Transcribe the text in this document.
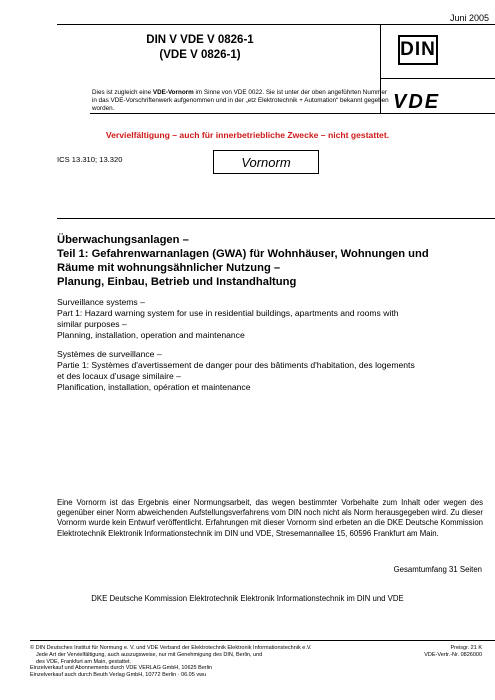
Juni 2005
DIN V VDE V 0826-1
(VDE V 0826-1)	DIN
Dies ist zugleich eine VDE-Vornorm im Sinne von VDE 0022. Sie ist unter der oben angeführten Nummer in das VDE-Vorschriftenwerk aufgenommen und in der „etz Elektrotechnik + Automation“ bekannt gegeben worden.	VDE
Vervielfältigung – auch für innerbetriebliche Zwecke – nicht gestattet.
ICS 13.310; 13.320	Vornorm
Überwachungsanlagen –
Teil 1: Gefahrenwarnanlagen (GWA) für Wohnhäuser, Wohnungen und
Räume mit wohnungsähnlicher Nutzung –
Planung, Einbau, Betrieb und Instandhaltung
Surveillance systems –
Part 1: Hazard warning system for use in residential buildings, apartments and rooms with
similar purposes –
Planning, installation, operation and maintenance
Systèmes de surveillance –
Partie 1: Systèmes d'avertissement de danger pour des bâtiments d'habitation, des logements
et des locaux d'usage similaire –
Planification, installation, opération et maintenance
Eine Vornorm ist das Ergebnis einer Normungsarbeit, das wegen bestimmter Vorbehalte zum Inhalt oder wegen des gegenüber einer Norm abweichenden Aufstellungsverfahrens vom DIN noch nicht als Norm herausgegeben wird. Zu dieser Vornorm wurde kein Entwurf veröffentlicht. Erfahrungen mit dieser Vornorm sind erbeten an die DKE Deutsche Kommission Elektrotechnik Elektronik Informationstechnik im DIN und VDE, Stresemannallee 15, 60596 Frankfurt am Main.
Gesamtumfang 31 Seiten
DKE Deutsche Kommission Elektrotechnik Elektronik Informationstechnik im DIN und VDE
© DIN Deutsches Institut für Normung e. V. und VDE Verband der Elektrotechnik Elektronik Informationstechnik e.V.
Jede Art der Vervielfältigung, auch auszugsweise, nur mit Genehmigung des DIN, Berlin, und
des VDE, Frankfurt am Main, gestattet.
Einzelverkauf und Abonnements durch VDE VERLAG GmbH, 10625 Berlin
Einzelverkauf auch durch Beuth Verlag GmbH, 10772 Berlin · 06.05 vwu
Preisgr. 21 K
VDE-Vertr.-Nr. 0826000
